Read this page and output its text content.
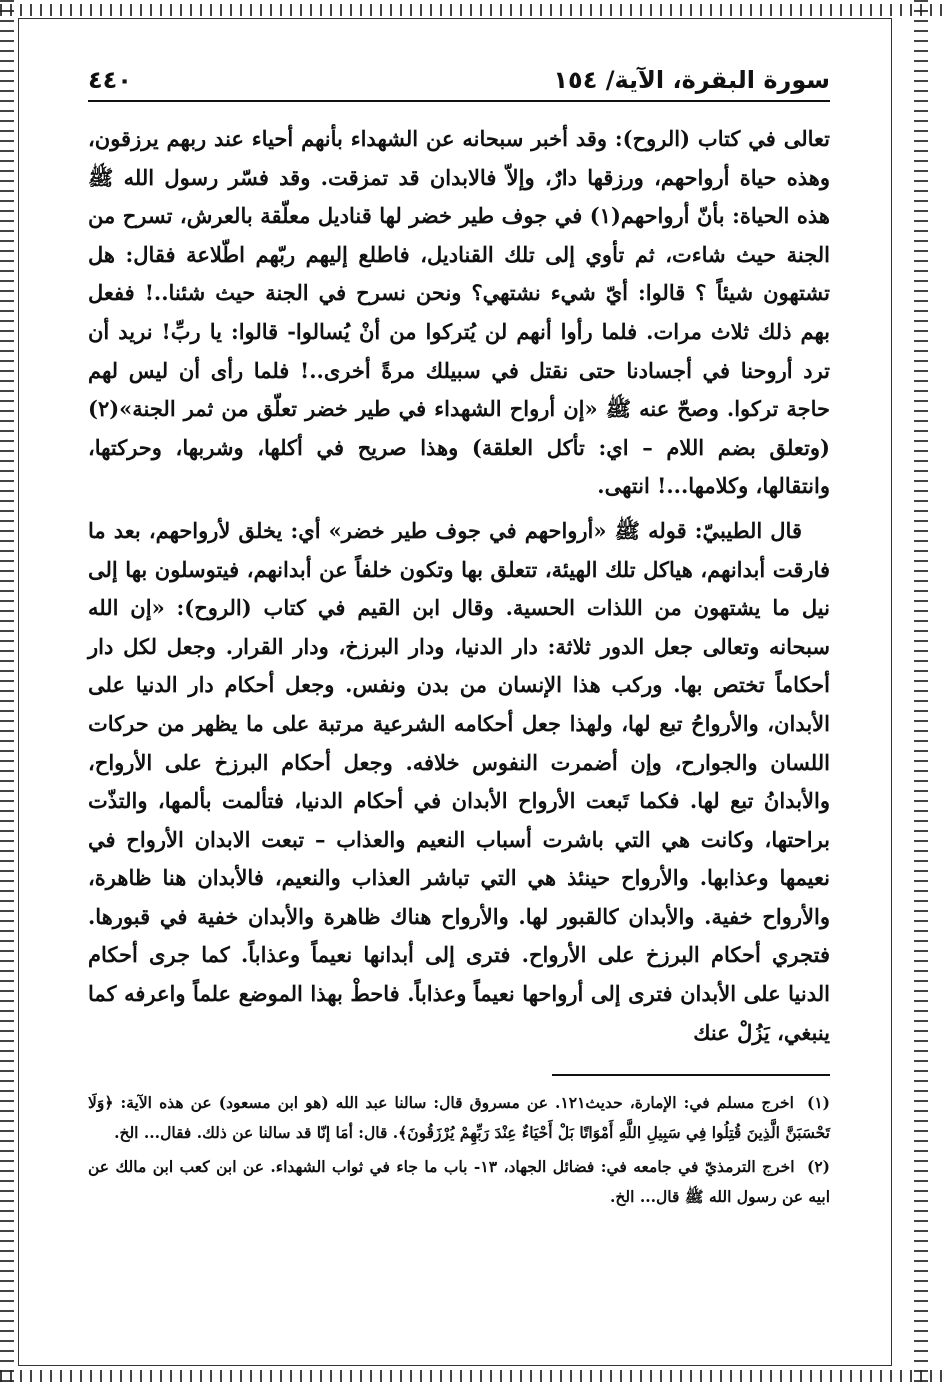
سورة البقرة، الآية/ ١٥٤
٤٤٠

تعالى في كتاب (الروح): وقد أخبر سبحانه عن الشهداء بأنهم أحياء عند ربهم يرزقون، وهذه حياة أرواحهم، ورزقها دارٌ، وإلاّ فالابدان قد تمزقت. وقد فسّر رسول الله ﷺ هذه الحياة: بأنّ أرواحهم(١) في جوف طير خضر لها قناديل معلّقة بالعرش، تسرح من الجنة حيث شاءت، ثم تأوي إلى تلك القناديل، فاطلع إليهم ربّهم اطّلاعة فقال: هل تشتهون شيئاً ؟ قالوا: أيّ شيء نشتهي؟ ونحن نسرح في الجنة حيث شئنا..! ففعل بهم ذلك ثلاث مرات. فلما رأوا أنهم لن يُتركوا من أنْ يُسالوا- قالوا: يا ربِّ! نريد أن ترد أروحنا في أجسادنا حتى نقتل في سبيلك مرةً أخرى..! فلما رأى أن ليس لهم حاجة تركوا. وصحّ عنه ﷺ «إن أرواح الشهداء في طير خضر تعلّق من ثمر الجنة»(٢) (وتعلق بضم اللام – اي: تأكل العلقة) وهذا صريح في أكلها، وشربها، وحركتها، وانتقالها، وكلامها...! انتهى.

قال الطيبيّ: قوله ﷺ «أرواحهم في جوف طير خضر» أي: يخلق لأرواحهم، بعد ما فارقت أبدانهم، هياكل تلك الهيئة، تتعلق بها وتكون خلفاً عن أبدانهم، فيتوسلون بها إلى نيل ما يشتهون من اللذات الحسية. وقال ابن القيم في كتاب (الروح): «إن الله سبحانه وتعالى جعل الدور ثلاثة: دار الدنيا، ودار البرزخ، ودار القرار. وجعل لكل دار أحكاماً تختص بها. وركب هذا الإنسان من بدن ونفس. وجعل أحكام دار الدنيا على الأبدان، والأرواحُ تبع لها، ولهذا جعل أحكامه الشرعية مرتبة على ما يظهر من حركات اللسان والجوارح، وإن أضمرت النفوس خلافه. وجعل أحكام البرزخ على الأرواح، والأبدانُ تبع لها. فكما تَبعت الأرواح الأبدان في أحكام الدنيا، فتألمت بألمها، والتذّت براحتها، وكانت هي التي باشرت أسباب النعيم والعذاب – تبعت الابدان الأرواح في نعيمها وعذابها. والأرواح حينئذ هي التي تباشر العذاب والنعيم، فالأبدان هنا ظاهرة، والأرواح خفية. والأبدان كالقبور لها. والأرواح هناك ظاهرة والأبدان خفية في قبورها. فتجري أحكام البرزخ على الأرواح. فترى إلى أبدانها نعيماً وعذاباً. كما جرى أحكام الدنيا على الأبدان فترى إلى أرواحها نعيماً وعذاباً. فاحطْ بهذا الموضع علماً واعرفه كما ينبغي، يَزُلْ عنك

(١) اخرج مسلم في: الإمارة، حديث١٢١. عن مسروق قال: سالنا عبد الله (هو ابن مسعود) عن هذه الآية: ﴿وَلَا تَحْسَبَنَّ الَّذِينَ قُتِلُوا فِي سَبِيلِ اللَّهِ أَمْوَاتًا بَلْ أَحْيَاءٌ عِنْدَ رَبِّهِمْ يُرْزَقُونَ﴾. قال: أمَا إنّا قد سالنا عن ذلك. فقال... الخ.

(٢) اخرج الترمذيّ في جامعه في: فضائل الجهاد، ١٣- باب ما جاء في ثواب الشهداء. عن ابن كعب ابن مالك عن ابيه عن رسول الله ﷺ قال... الخ.
